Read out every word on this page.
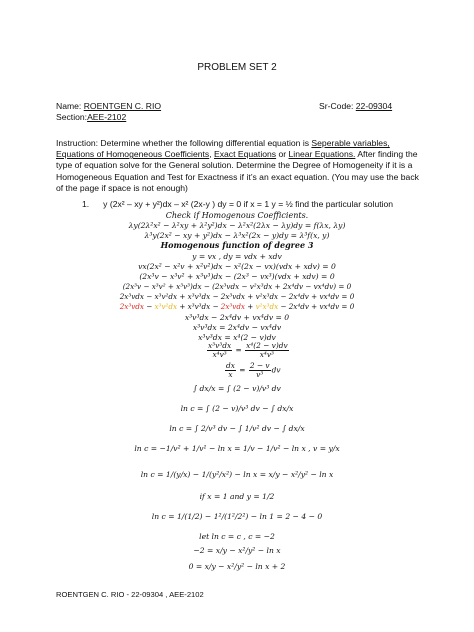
PROBLEM SET 2
Name: ROENTGEN C. RIO	Sr-Code: 22-09304
Section:AEE-2102
Instruction: Determine whether the following differential equation is Seperable variables, Equations of Homogeneous Coefficients, Exact Equations or Linear Equations. After finding the type of equation solve for the General solution. Determine the Degree of Homogeneity if it is a Homogeneous Equation and Test for Exactness if it’s an exact equation. (You may use the back of the page if space is not enough)
1. y (2x² – xy + y²)dx – x² (2x-y ) dy = 0 if x = 1 y = ½ find the particular solution
Check if Homogenous Coefficients.
λy(2λ²x² − λ²xy + λ²y²)dx − λ²x²(2λx − λy)dy = f(λx, λy)
λ³y(2x² − xy + y²)dx − λ³x²(2x − y)dy = λ³f(x, y)
Homogenous function of degree 3
y = vx , dy = vdx + xdv
vx(2x² − x²v + x²v²)dx − x²(2x − vx)(vdx + xdv) = 0
(2x³v − x³v² + x³v³)dx − (2x³ − vx³)(vdx + xdv) = 0
(2x³v − x³v² + x³v³)dx − (2x³vdx − v²x³dx + 2x⁴dv − vx⁴dv) = 0
2x³vdx − x³v²dx + x³v³dx − 2x³vdx + v²x³dx − 2x⁴dv + vx⁴dv = 0
2x³vdx − x³v²dx + x³v³dx − 2x³vdx + v²x³dx − 2x⁴dv + vx⁴dv = 0
x³v³dx − 2x⁴dv + vx⁴dv = 0
x³v³dx = 2x⁴dv − vx⁴dv
x³v³dx = x⁴(2 − v)dv
$\frac{\text{x³v³dx}}{\text{x⁴v³}} = \frac{\text{x⁴(2 − v)dv}}{\text{x⁴v³}}$
$\frac{dx}{x} = \frac{2 - v}{\text{v³}}$ dv
∫ dx/x = ∫ (2 − v)/v³ dv
ln c = ∫ (2 − v)/v³ dv − ∫ dx/x
ln c = ∫ 2/v³ dv − ∫ 1/v² dv − ∫ dx/x
ln c = −1/v² + 1/v¹ − ln x = 1/v − 1/v² − ln x , v = y/x
ln c = 1/(y/x) − 1/(y²/x²) − ln x = x/y − x²/y² − ln x
if x = 1 and y = 1/2
ln c = 1/(1/2) − 1²/(1²/2²) − ln 1 = 2 − 4 − 0
let ln c = c , c = −2
−2 = x/y − x²/y² − ln x
0 = x/y − x²/y² − ln x + 2
ROENTGEN C. RIO - 22-09304 , AEE-2102
